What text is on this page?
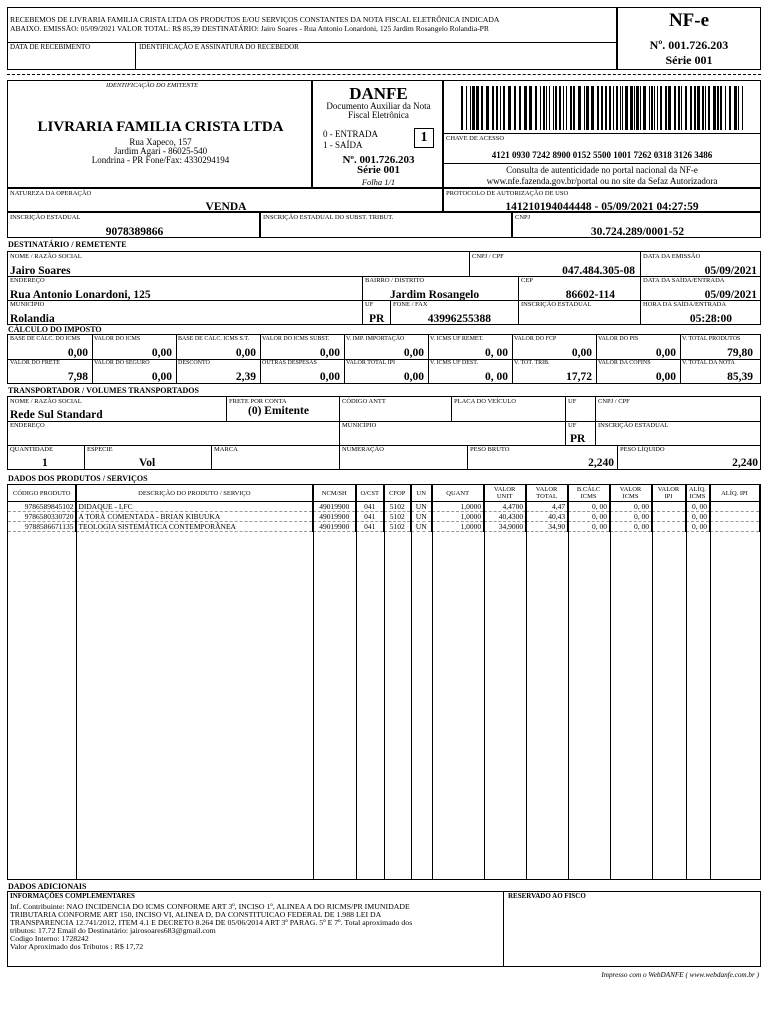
RECEBEMOS DE LIVRARIA FAMILIA CRISTA LTDA OS PRODUTOS E/OU SERVIÇOS CONSTANTES DA NOTA FISCAL ELETRÔNICA INDICADA
ABAIXO. EMISSÃO: 05/09/2021 VALOR TOTAL: R$ 85,39 DESTINATÁRIO: Jairo Soares - Rua Antonio Lonardoni, 125 Jardim Rosangelo Rolandia-PR
DATA DE RECEBIMENTO	IDENTIFICAÇÃO E ASSINATURA DO RECEBEDOR
NF-e
Nº. 001.726.203
Série 001
IDENTIFICAÇÃO DO EMITENTE
LIVRARIA FAMILIA CRISTA LTDA
Rua Xapeco, 157
Jardim Agari - 86025-540
Londrina - PR Fone/Fax: 4330294194
DANFE
Documento Auxiliar da Nota
Fiscal Eletrônica
0 - ENTRADA
1 - SAÍDA	1
Nº. 001.726.203
Série 001
Folha 1/1
CHAVE DE ACESSO
4121 0930 7242 8900 0152 5500 1001 7262 0318 3126 3486
Consulta de autenticidade no portal nacional da NF-e
www.nfe.fazenda.gov.br/portal ou no site da Sefaz Autorizadora
NATUREZA DA OPERAÇÃO
VENDA
PROTOCOLO DE AUTORIZAÇÃO DE USO
141210194044448 - 05/09/2021 04:27:59
INSCRIÇÃO ESTADUAL
9078389866
INSCRIÇÃO ESTADUAL DO SUBST. TRIBUT.	CNPJ
30.724.289/0001-52
DESTINATÁRIO / REMETENTE
NOME / RAZÃO SOCIAL
Jairo Soares
CNPJ / CPF
047.484.305-08
DATA DA EMISSÃO
05/09/2021
ENDEREÇO
Rua Antonio Lonardoni, 125
BAIRRO / DISTRITO
Jardim Rosangelo
CEP
86602-114
DATA DA SAÍDA/ENTRADA
05/09/2021
MUNICÍPIO
Rolandia
UF
PR
FONE / FAX
43996255388
INSCRIÇÃO ESTADUAL	HORA DA SAÍDA/ENTRADA
05:28:00
CÁLCULO DO IMPOSTO
BASE DE CÁLC. DO ICMS
0,00
VALOR DO ICMS
0,00
BASE DE CÁLC. ICMS S.T.
0,00
VALOR DO ICMS SUBST.
0,00
V. IMP. IMPORTAÇÃO
0,00
V. ICMS UF REMET.
0, 00
VALOR DO FCP
0,00
VALOR DO PIS
0,00
V. TOTAL PRODUTOS
79,80
VALOR DO FRETE
7,98
VALOR DO SEGURO
0,00
DESCONTO
2,39
OUTRAS DESPESAS
0,00
VALOR TOTAL IPI
0,00
V. ICMS UF DEST.
0, 00
V. TOT. TRIB.
17,72
VALOR DA COFINS
0,00
V. TOTAL DA NOTA
85,39
TRANSPORTADOR / VOLUMES TRANSPORTADOS
NOME / RAZÃO SOCIAL
Rede Sul Standard
FRETE POR CONTA
(0) Emitente
CÓDIGO ANTT	PLACA DO VEÍCULO	UF	CNPJ / CPF
ENDEREÇO	MUNICÍPIO	UF
PR
INSCRIÇÃO ESTADUAL
QUANTIDADE
1
ESPECIE
Vol
MARCA	NUMERAÇÃO	PESO BRUTO
2,240
PESO LÍQUIDO
2,240
DADOS DOS PRODUTOS / SERVIÇOS
CÓDIGO PRODUTO	DESCRIÇÃO DO PRODUTO / SERVIÇO	NCM/SH	O/CST	CFOP	UN	QUANT	VALOR UNIT	VALOR TOTAL	B.CÁLC ICMS	VALOR ICMS	VALOR IPI	ALÍQ. ICMS	ALÍQ. IPI
9786589845102	DIDAQUE - LFC	49019900	041	5102	UN	1,0000	4,4700	4,47	0, 00	0, 00		0, 00	
9786580330720	A TORÁ COMENTADA - BRIAN KIBUUKA	49019900	041	5102	UN	1,0000	40,4300	40,43	0, 00	0, 00		0, 00	
9788586671135	TEOLOGIA SISTEMÁTICA CONTEMPORÂNEA	49019900	041	5102	UN	1,0000	34,9000	34,90	0, 00	0, 00		0, 00	
DADOS ADICIONAIS
INFORMAÇÕES COMPLEMENTARES
Inf. Contribuinte: NAO INCIDENCIA DO ICMS CONFORME ART 3º, INCISO 1º, ALINEA A DO RICMS/PR IMUNIDADE
TRIBUTARIA CONFORME ART 150, INCISO VI, ALINEA D, DA CONSTITUICAO FEDERAL DE 1.988 LEI DA
TRANSPARENCIA 12.741/2012, ITEM 4.1 E DECRETO 8.264 DE 05/06/2014 ART 3º PARAG. 5º E 7º. Total aproximado dos
tributos: 17.72 Email do Destinatário: jairosoares683@gmail.com
Codigo Interno: 1728242
Valor Aproximado dos Tributos : R$ 17,72
RESERVADO AO FISCO
Impresso com o WebDANFE ( www.webdanfe.com.br )
